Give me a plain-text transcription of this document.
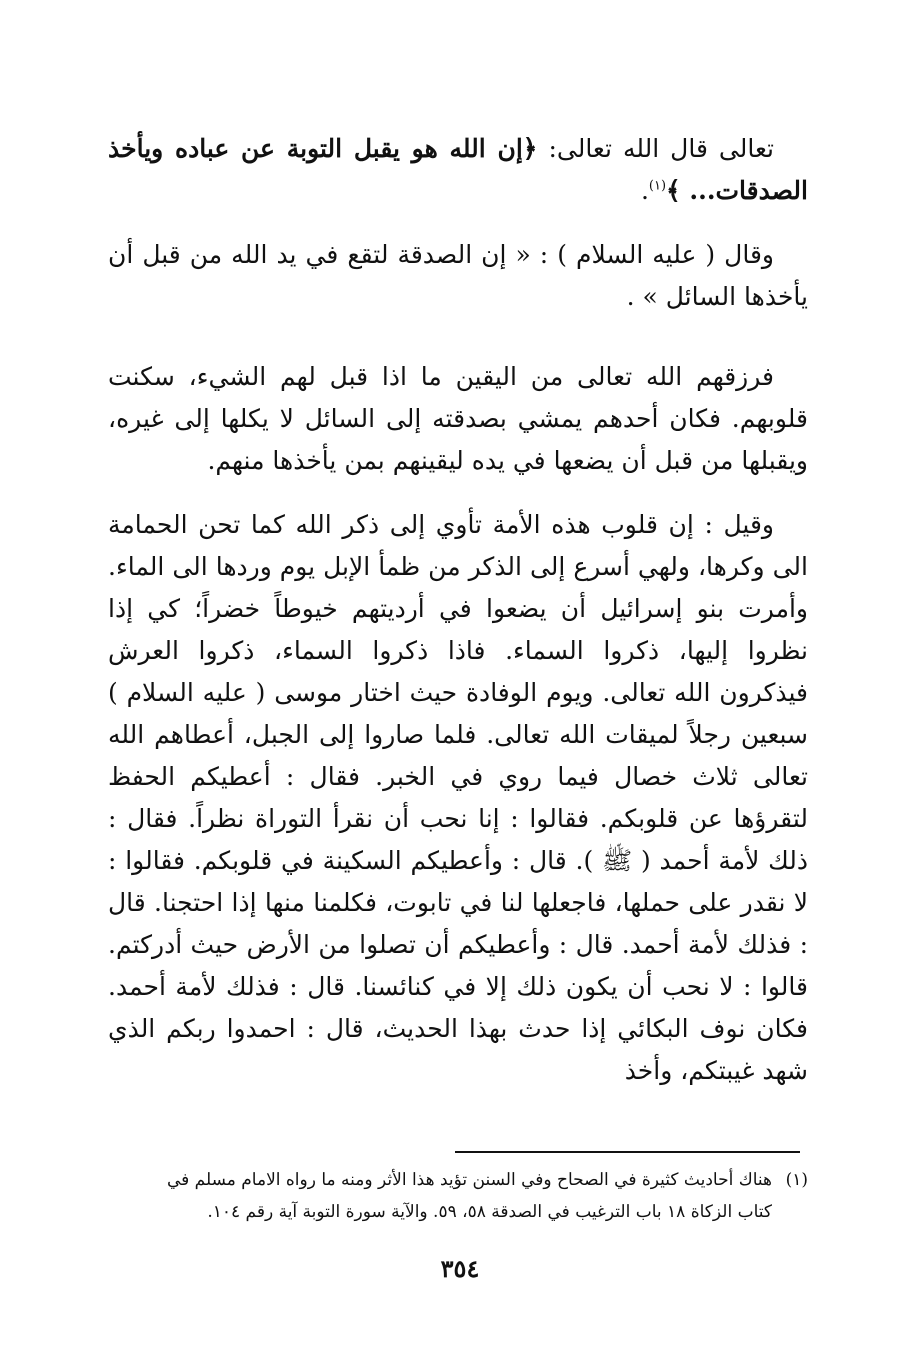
تعالى قال الله تعالى: ﴿إن الله هو يقبل التوبة عن عباده ويأخذ الصدقات... ﴾$^{(١)}$.

وقال ( عليه السلام ) : « إن الصدقة لتقع في يد الله من قبل أن يأخذها السائل » .

فرزقهم الله تعالى من اليقين ما اذا قبل لهم الشيء، سكنت قلوبهم. فكان أحدهم يمشي بصدقته إلى السائل لا يكلها إلى غيره، ويقبلها من قبل أن يضعها في يده ليقينهم بمن يأخذها منهم.

وقيل : إن قلوب هذه الأمة تأوي إلى ذكر الله كما تحن الحمامة الى وكرها، ولهي أسرع إلى الذكر من ظمأ الإبل يوم وردها الى الماء. وأمرت بنو إسرائيل أن يضعوا في أرديتهم خيوطاً خضراً؛ كي إذا نظروا إليها، ذكروا السماء. فاذا ذكروا السماء، ذكروا العرش فيذكرون الله تعالى. ويوم الوفادة حيث اختار موسى ( عليه السلام ) سبعين رجلاً لميقات الله تعالى. فلما صاروا إلى الجبل، أعطاهم الله تعالى ثلاث خصال فيما روي في الخبر. فقال : أعطيكم الحفظ لتقرؤها عن قلوبكم. فقالوا : إنا نحب أن نقرأ التوراة نظراً. فقال : ذلك لأمة أحمد ( ﷺ ). قال : وأعطيكم السكينة في قلوبكم. فقالوا : لا نقدر على حملها، فاجعلها لنا في تابوت، فكلمنا منها إذا احتجنا. قال : فذلك لأمة أحمد. قال : وأعطيكم أن تصلوا من الأرض حيث أدركتم. قالوا : لا نحب أن يكون ذلك إلا في كنائسنا. قال : فذلك لأمة أحمد. فكان نوف البكائي إذا حدث بهذا الحديث، قال : احمدوا ربكم الذي شهد غيبتكم، وأخذ

(١)هناك أحاديث كثيرة في الصحاح وفي السنن تؤيد هذا الأثر ومنه ما رواه الامام مسلم في
كتاب الزكاة ١٨ باب الترغيب في الصدقة ٥٨، ٥٩. والآية سورة التوبة آية رقم ١٠٤.
٣٥٤
